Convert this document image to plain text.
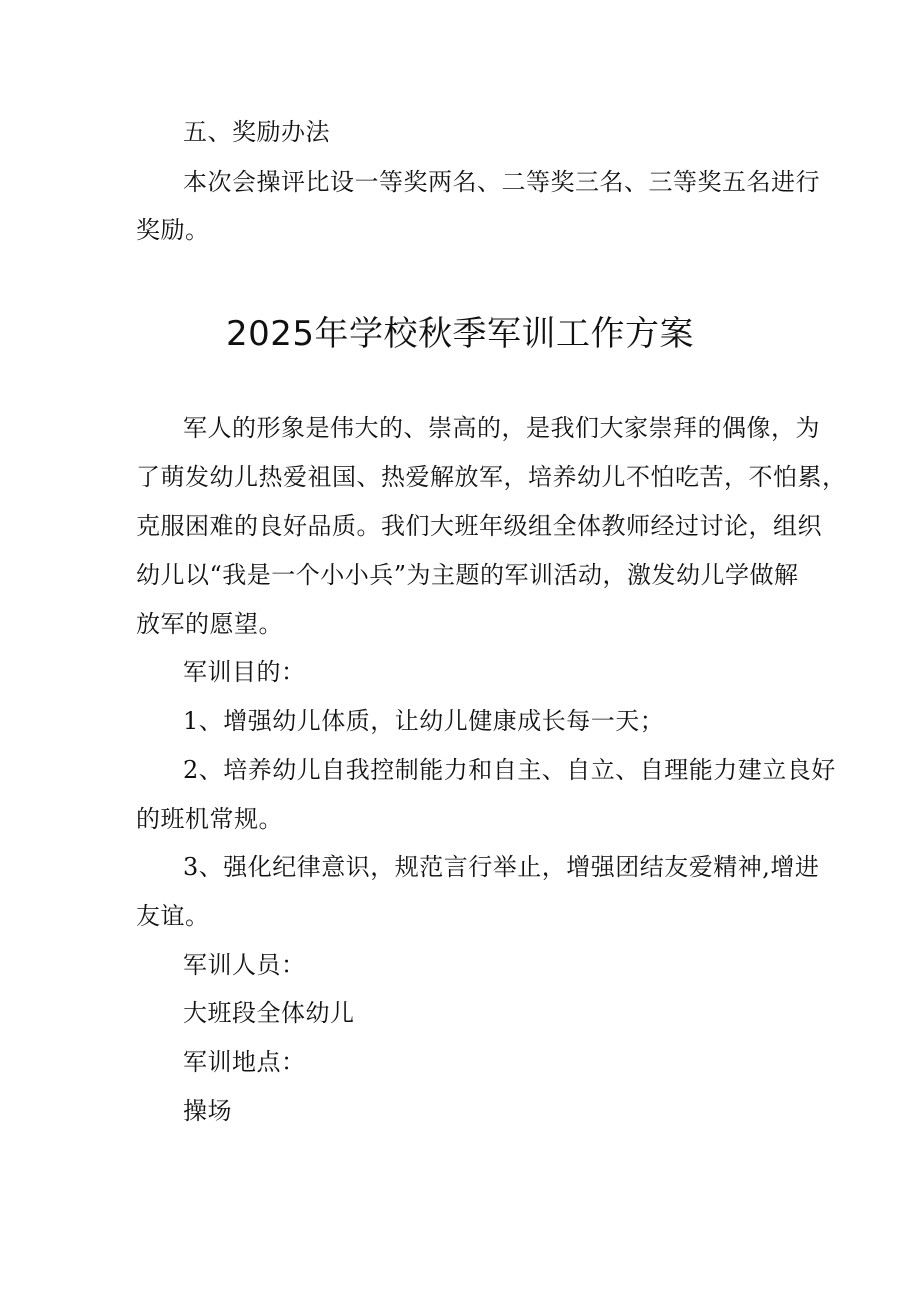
五、奖励办法
本次会操评比设一等奖两名、二等奖三名、三等奖五名进行
奖励。
2025年学校秋季军训工作方案
军人的形象是伟大的、崇高的，是我们大家崇拜的偶像，为
了萌发幼儿热爱祖国、热爱解放军，培养幼儿不怕吃苦，不怕累，
克服困难的良好品质。我们大班年级组全体教师经过讨论，组织
幼儿以“我是一个小小兵”为主题的军训活动，激发幼儿学做解
放军的愿望。
军训目的：
1、增强幼儿体质，让幼儿健康成长每一天；
2、培养幼儿自我控制能力和自主、自立、自理能力建立良好
的班机常规。
3、强化纪律意识，规范言行举止，增强团结友爱精神,增进
友谊。
军训人员：
大班段全体幼儿
军训地点：
操场
